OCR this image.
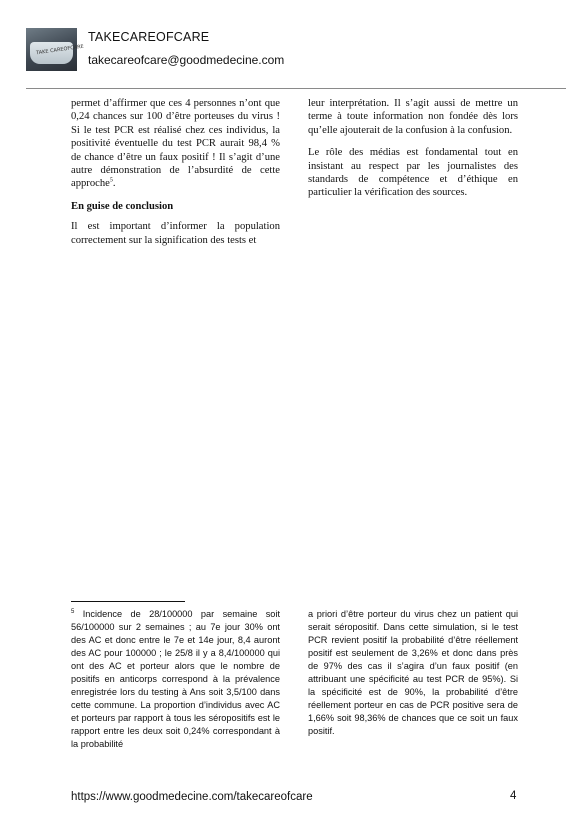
TAKE CAREOFCARE
TAKECAREOFCARE
takecareofcare@goodmedecine.com

permet d’affirmer que ces 4 personnes n’ont que 0,24 chances sur 100 d’être porteuses du virus ! Si le test PCR est réalisé chez ces individus, la positivité éventuelle du test PCR aurait 98,4 % de chance d’être un faux positif ! Il s’agit d’une autre démonstration de l’absurdité de cette approche$^5$.

En guise de conclusion

Il est important d’informer la population correctement sur la signification des tests et

leur interprétation. Il s’agit aussi de mettre un terme à toute information non fondée dès lors qu’elle ajouterait de la confusion à la confusion.

Le rôle des médias est fondamental tout en insistant au respect par les journalistes des standards de compétence et d’éthique en particulier la vérification des sources.

$^5$ Incidence de 28/100000 par semaine soit 56/100000 sur 2 semaines ; au 7e jour 30% ont des AC et donc entre le 7e et 14e jour, 8,4 auront des AC pour 100000 ; le 25/8 il y a 8,4/100000 qui ont des AC et porteur alors que le nombre de positifs en anticorps correspond à la prévalence enregistrée lors du testing à Ans soit 3,5/100 dans cette commune. La proportion d’individus avec AC et porteurs par rapport à tous les séropositifs est le rapport entre les deux soit 0,24% correspondant à la probabilité

a priori d’être porteur du virus chez un patient qui serait séropositif. Dans cette simulation, si le test PCR revient positif la probabilité d’être réellement positif est seulement de 3,26% et donc dans près de 97% des cas il s’agira d’un faux positif (en attribuant une spécificité au test PCR de 95%). Si la spécificité est de 90%, la probabilité d’être réellement porteur en cas de PCR positive sera de 1,66% soit 98,36% de chances que ce soit un faux positif.

https://www.goodmedecine.com/takecareofcare	4
